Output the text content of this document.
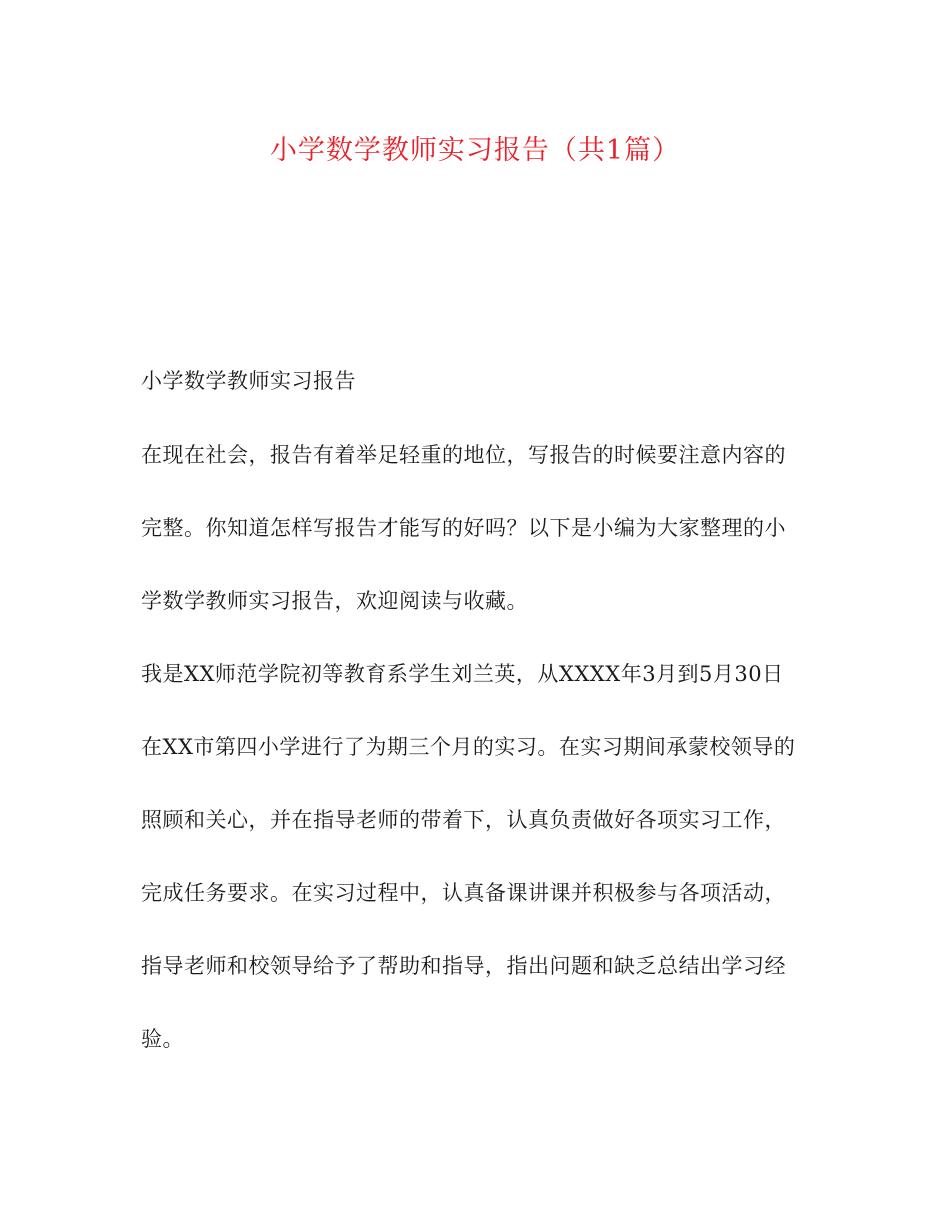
小学数学教师实习报告（共1篇）
小学数学教师实习报告
在现在社会，报告有着举足轻重的地位，写报告的时候要注意内容的
完整。你知道怎样写报告才能写的好吗？以下是小编为大家整理的小
学数学教师实习报告，欢迎阅读与收藏。
我是XX师范学院初等教育系学生刘兰英，从XXXX年3月到5月30日
在XX市第四小学进行了为期三个月的实习。在实习期间承蒙校领导的
照顾和关心，并在指导老师的带着下，认真负责做好各项实习工作，
完成任务要求。在实习过程中，认真备课讲课并积极参与各项活动，
指导老师和校领导给予了帮助和指导，指出问题和缺乏总结出学习经
验。
